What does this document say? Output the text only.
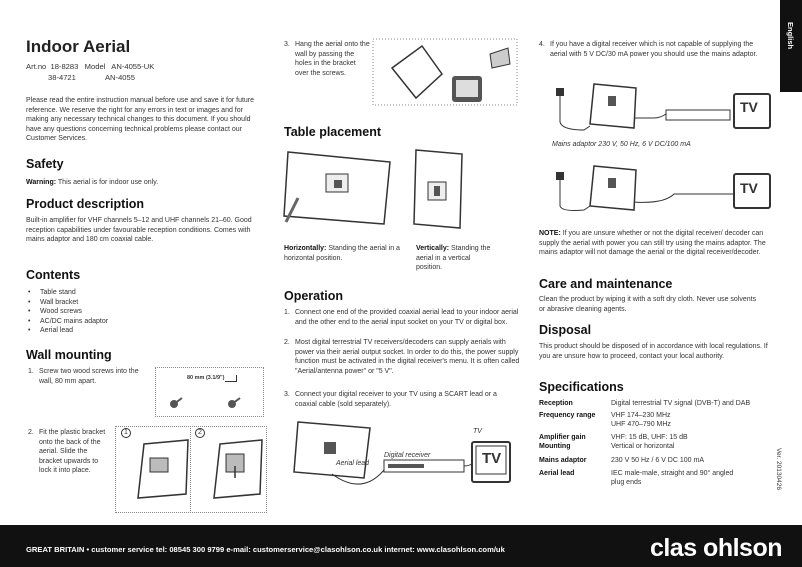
Indoor Aerial
Art.no  18-8283   Model   AN-4055-UK
38-4721              AN-4055
Please read the entire instruction manual before use and save it for future reference. We reserve the right for any errors in text or images and for making any necessary technical changes to this document. If you should have any questions concerning technical problems please contact our Customer Services.
Safety
Warning: This aerial is for indoor use only.
Product description
Built-in amplifier for VHF channels 5–12 and UHF channels 21–60. Good reception capabilities under favourable reception conditions. Comes with mains adaptor and 180 cm coaxial cable.
Contents
• Table stand
• Wall bracket
• Wood screws
• AC/DC mains adaptor
• Aerial lead
Wall mounting
1. Screw two wood screws into the wall, 80 mm apart.	80 mm (3.1/9")
2. Fit the plastic bracket onto the back of the aerial. Slide the bracket upwards to lock it into place.
1	2
3. Hang the aerial onto the wall by passing the holes in the bracket over the screws.
Table placement
Horizontally: Standing the aerial in a horizontal position.
Vertically: Standing the aerial in a vertical position.
Operation
1. Connect one end of the provided coaxial aerial lead to your indoor aerial and the other end to the aerial input socket on your TV or digital box.
2. Most digital terrestrial TV receivers/decoders can supply aerials with power via their aerial output socket. In order to do this, the power supply function must be activated in the digital receiver's menu. It is often called "Aerial/antenna power" or "5 V".
3. Connect your digital receiver to your TV using a SCART lead or a coaxial cable (sold separately).
TV
Digital receiver
Aerial lead	TV
4. If you have a digital receiver which is not capable of supplying the aerial with 5 V DC/30 mA power you should use the mains adaptor.
TV
Mains adaptor 230 V, 50 Hz, 6 V DC/100 mA
TV
NOTE: If you are unsure whether or not the digital receiver/ decoder can supply the aerial with power you can still try using the mains adaptor. The mains adaptor will not damage the aerial or the digital receiver/decoder.
Care and maintenance
Clean the product by wiping it with a soft dry cloth. Never use solvents or abrasive cleaning agents.
Disposal
This product should be disposed of in accordance with local regulations. If you are unsure how to proceed, contact your local authority.
Specifications
Reception	Digital terrestrial TV signal (DVB-T) and DAB
Frequency range VHF 174–230 MHz
UHF 470–790 MHz
Amplifier gain	VHF: 15 dB, UHF: 15 dB
Mounting	Vertical or horizontal
Mains adaptor	230 V 50 Hz / 6 V DC 100 mA
Aerial lead	IEC male-male, straight and 90° angled plug ends
English
Ver. 20130426
GREAT BRITAIN • customer service tel: 08545 300 9799 e-mail: customerservice@clasohlson.co.uk internet: www.clasohlson.com/uk	clas ohlson
